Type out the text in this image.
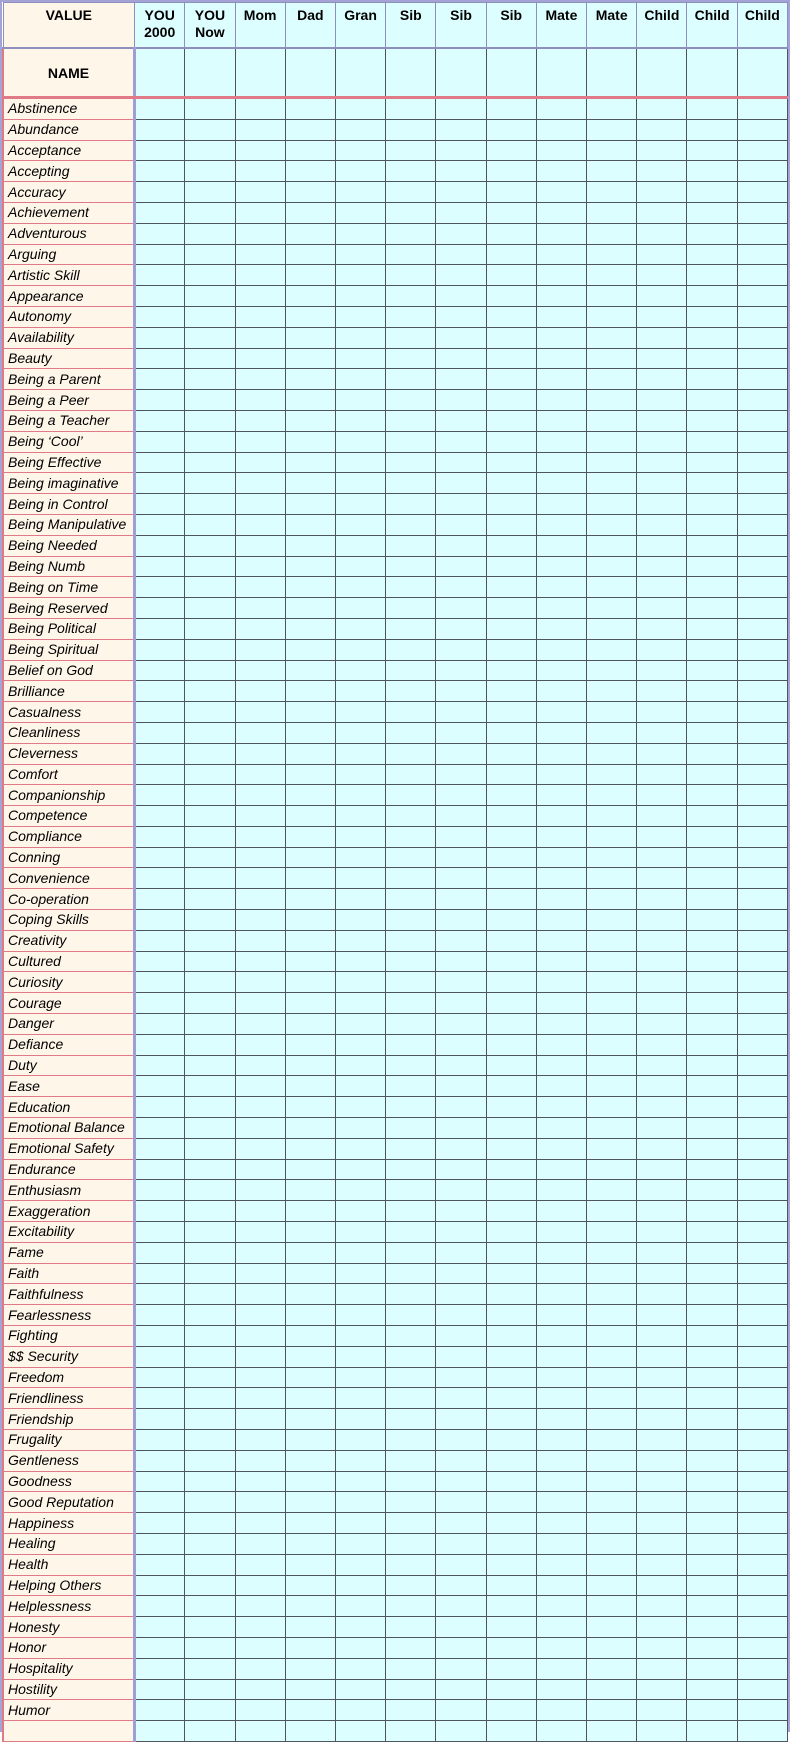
VALUE	YOU 2000	YOU Now	Mom	Dad	Gran	Sib	Sib	Sib	Mate	Mate	Child	Child	Child
NAME													
Abstinence													
Abundance													
Acceptance													
Accepting													
Accuracy													
Achievement													
Adventurous													
Arguing													
Artistic Skill													
Appearance													
Autonomy													
Availability													
Beauty													
Being a Parent													
Being a Peer													
Being a Teacher													
Being ‘Cool’													
Being Effective													
Being imaginative													
Being in Control													
Being Manipulative													
Being Needed													
Being Numb													
Being on Time													
Being Reserved													
Being Political													
Being Spiritual													
Belief on God													
Brilliance													
Casualness													
Cleanliness													
Cleverness													
Comfort													
Companionship													
Competence													
Compliance													
Conning													
Convenience													
Co-operation													
Coping Skills													
Creativity													
Cultured													
Curiosity													
Courage													
Danger													
Defiance													
Duty													
Ease													
Education													
Emotional Balance													
Emotional Safety													
Endurance													
Enthusiasm													
Exaggeration													
Excitability													
Fame													
Faith													
Faithfulness													
Fearlessness													
Fighting													
$$ Security													
Freedom													
Friendliness													
Friendship													
Frugality													
Gentleness													
Goodness													
Good Reputation													
Happiness													
Healing													
Health													
Helping Others													
Helplessness													
Honesty													
Honor													
Hospitality													
Hostility													
Humor													
